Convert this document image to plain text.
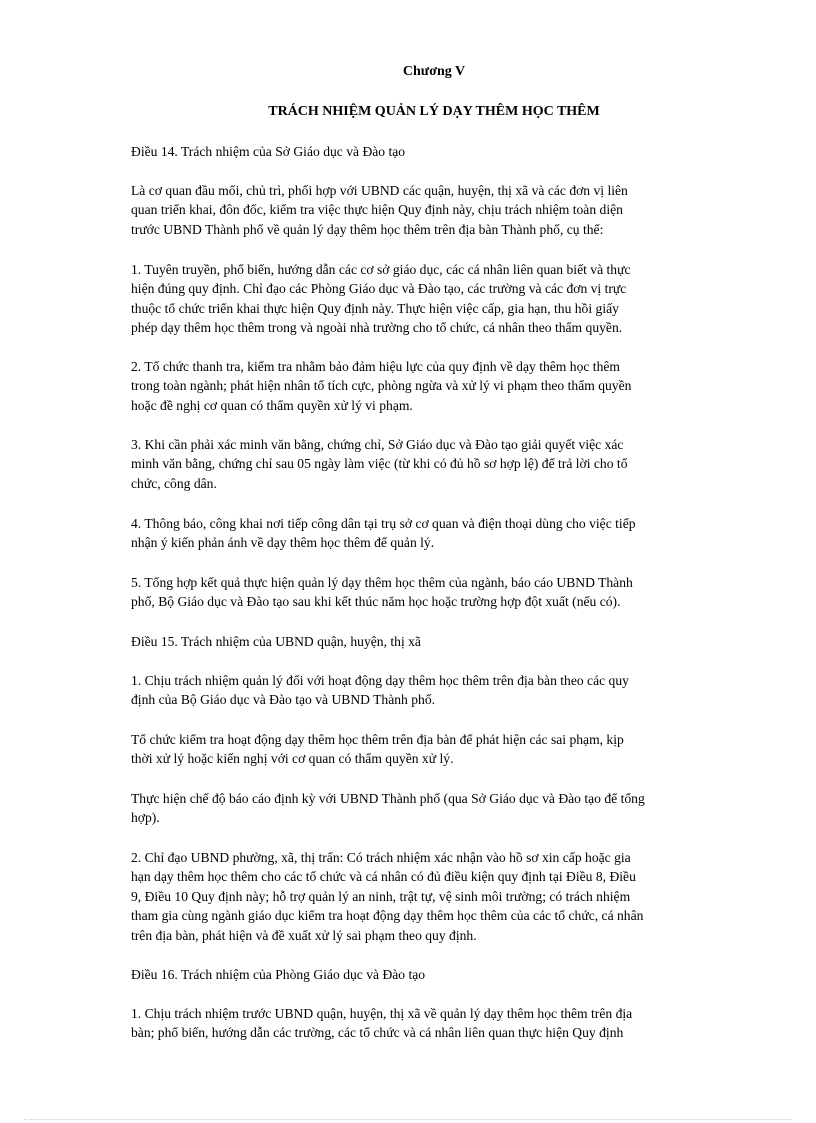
Chương V
TRÁCH NHIỆM QUẢN LÝ DẠY THÊM HỌC THÊM

Điều 14. Trách nhiệm của Sở Giáo dục và Đào tạo

Là cơ quan đầu mối, chủ trì, phối hợp với UBND các quận, huyện, thị xã và các đơn vị liên
quan triển khai, đôn đốc, kiểm tra việc thực hiện Quy định này, chịu trách nhiệm toàn diện
trước UBND Thành phố về quản lý dạy thêm học thêm trên địa bàn Thành phố, cụ thể:

1. Tuyên truyền, phổ biến, hướng dẫn các cơ sở giáo dục, các cá nhân liên quan biết và thực
hiện đúng quy định. Chỉ đạo các Phòng Giáo dục và Đào tạo, các trường và các đơn vị trực
thuộc tổ chức triển khai thực hiện Quy định này. Thực hiện việc cấp, gia hạn, thu hồi giấy
phép dạy thêm học thêm trong và ngoài nhà trường cho tổ chức, cá nhân theo thẩm quyền.

2. Tổ chức thanh tra, kiểm tra nhằm bảo đảm hiệu lực của quy định về dạy thêm học thêm
trong toàn ngành; phát hiện nhân tố tích cực, phòng ngừa và xử lý vi phạm theo thẩm quyền
hoặc đề nghị cơ quan có thẩm quyền xử lý vi phạm.

3. Khi cần phải xác minh văn bằng, chứng chỉ, Sở Giáo dục và Đào tạo giải quyết việc xác
minh văn bằng, chứng chỉ sau 05 ngày làm việc (từ khi có đủ hồ sơ hợp lệ) để trả lời cho tổ
chức, công dân.

4. Thông báo, công khai nơi tiếp công dân tại trụ sở cơ quan và điện thoại dùng cho việc tiếp
nhận ý kiến phản ánh về dạy thêm học thêm để quản lý.

5. Tổng hợp kết quả thực hiện quản lý dạy thêm học thêm của ngành, báo cáo UBND Thành
phố, Bộ Giáo dục và Đào tạo sau khi kết thúc năm học hoặc trường hợp đột xuất (nếu có).

Điều 15. Trách nhiệm của UBND quận, huyện, thị xã

1. Chịu trách nhiệm quản lý đối với hoạt động dạy thêm học thêm trên địa bàn theo các quy
định của Bộ Giáo dục và Đào tạo và UBND Thành phố.

Tổ chức kiểm tra hoạt động dạy thêm học thêm trên địa bàn để phát hiện các sai phạm, kịp
thời xử lý hoặc kiến nghị với cơ quan có thẩm quyền xử lý.

Thực hiện chế độ báo cáo định kỳ với UBND Thành phố (qua Sở Giáo dục và Đào tạo để tổng
hợp).

2. Chỉ đạo UBND phường, xã, thị trấn: Có trách nhiệm xác nhận vào hồ sơ xin cấp hoặc gia
hạn dạy thêm học thêm cho các tổ chức và cá nhân có đủ điều kiện quy định tại Điều 8, Điều
9, Điều 10 Quy định này; hỗ trợ quản lý an ninh, trật tự, vệ sinh môi trường; có trách nhiệm
tham gia cùng ngành giáo dục kiểm tra hoạt động dạy thêm học thêm của các tổ chức, cá nhân
trên địa bàn, phát hiện và đề xuất xử lý sai phạm theo quy định.

Điều 16. Trách nhiệm của Phòng Giáo dục và Đào tạo

1. Chịu trách nhiệm trước UBND quận, huyện, thị xã về quản lý dạy thêm học thêm trên địa
bàn; phổ biến, hướng dẫn các trường, các tổ chức và cá nhân liên quan thực hiện Quy định
